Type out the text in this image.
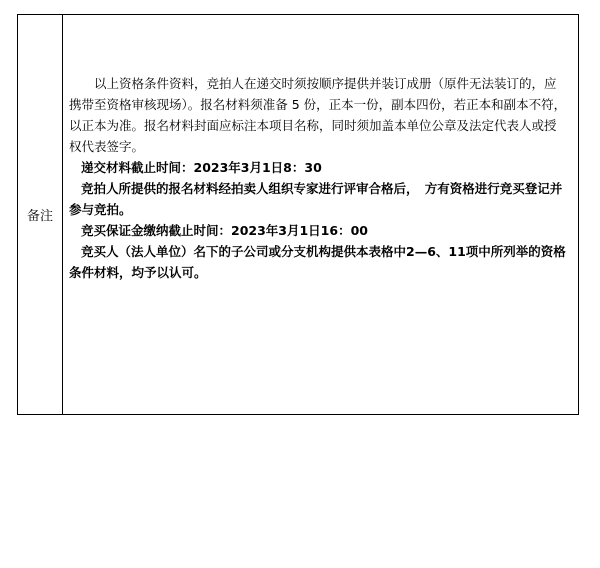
备注

以上资格条件资料，竞拍人在递交时须按顺序提供并装订成册（原件无法装订的，应携带至资格审核现场）。报名材料须准备 5 份，正本一份，副本四份，若正本和副本不符，以正本为准。报名材料封面应标注本项目名称，同时须加盖本单位公章及法定代表人或授权代表签字。

递交材料截止时间：2023年3月1日8：30

竞拍人所提供的报名材料经拍卖人组织专家进行评审合格后，　方有资格进行竞买登记并参与竞拍。

竞买保证金缴纳截止时间：2023年3月1日16：00

竞买人（法人单位）名下的子公司或分支机构提供本表格中2—6、11项中所列举的资格条件材料，均予以认可。
